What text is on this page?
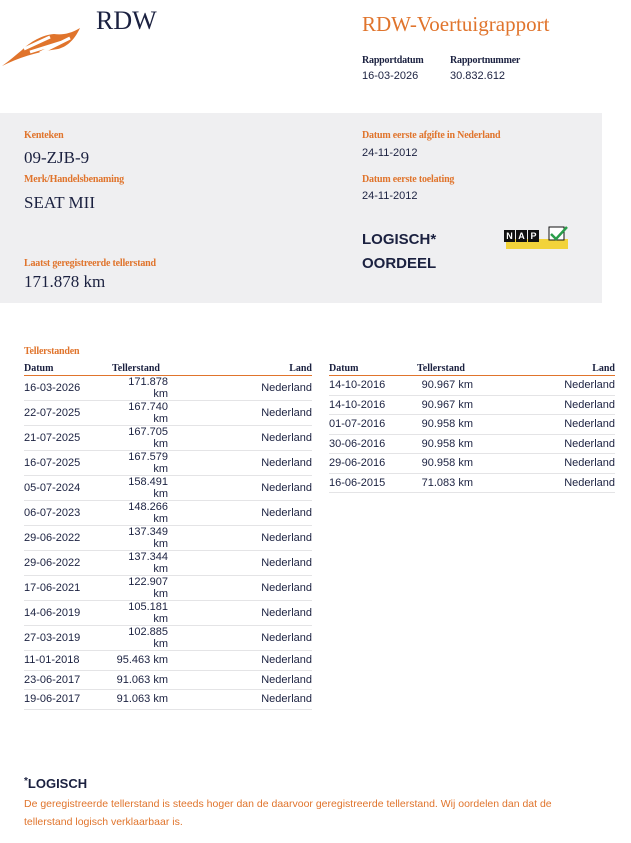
RDW	RDW-Voertuigrapport
Rapportdatum
16-03-2026
Rapportnummer
30.832.612
Kenteken
09-ZJB-9
Merk/Handelsbenaming
SEAT MII
Laatst geregistreerde tellerstand
171.878 km
Datum eerste afgifte in Nederland
24-11-2012
Datum eerste toelating
24-11-2012
LOGISCH*
OORDEEL
N A P
Tellerstanden
Datum	Tellerstand	Land
16-03-2026	171.878 km	Nederland
22-07-2025	167.740 km	Nederland
21-07-2025	167.705 km	Nederland
16-07-2025	167.579 km	Nederland
05-07-2024	158.491 km	Nederland
06-07-2023	148.266 km	Nederland
29-06-2022	137.349 km	Nederland
29-06-2022	137.344 km	Nederland
17-06-2021	122.907 km	Nederland
14-06-2019	105.181 km	Nederland
27-03-2019	102.885 km	Nederland
11-01-2018	95.463 km	Nederland
23-06-2017	91.063 km	Nederland
19-06-2017	91.063 km	Nederland
Datum	Tellerstand	Land
14-10-2016	90.967 km	Nederland
14-10-2016	90.967 km	Nederland
01-07-2016	90.958 km	Nederland
30-06-2016	90.958 km	Nederland
29-06-2016	90.958 km	Nederland
16-06-2015	71.083 km	Nederland
*LOGISCH
De geregistreerde tellerstand is steeds hoger dan de daarvoor geregistreerde tellerstand. Wij oordelen dan dat de tellerstand logisch verklaarbaar is.
